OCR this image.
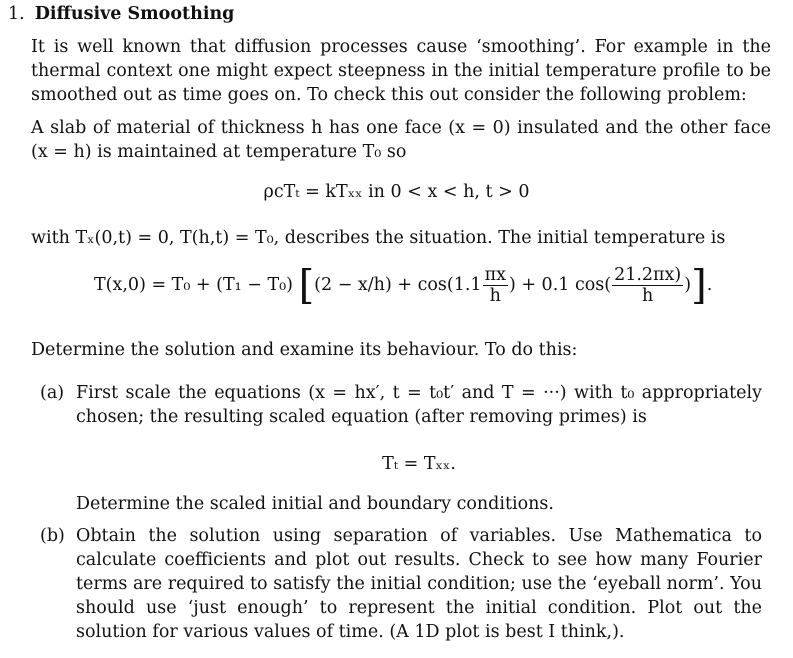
1. Diffusive Smoothing
It is well known that diffusion processes cause ‘smoothing’. For example in the thermal context one might expect steepness in the initial temperature profile to be smoothed out as time goes on. To check this out consider the following problem:
A slab of material of thickness h has one face (x = 0) insulated and the other face (x = h) is maintained at temperature T₀ so
ρcTₜ = kTₓₓ in 0 < x < h, t > 0
with Tₓ(0,t) = 0, T(h,t) = T₀, describes the situation. The initial temperature is
T(x,0) = T₀ + (T₁ − T₀) [$(2 - x/h) + \cos(1.1 \frac{\pi x}{h}$ ) + 0.1 $\cos( \frac{21.2\pi x)}{h}$ )].
Determine the solution and examine its behaviour. To do this:
(a) First scale the equations (x = hx′, t = t₀t′ and T = ···) with t₀ appropriately chosen; the resulting scaled equation (after removing primes) is
Tₜ = Tₓₓ.
Determine the scaled initial and boundary conditions.
(b) Obtain the solution using separation of variables. Use Mathematica to calculate coefficients and plot out results. Check to see how many Fourier terms are required to satisfy the initial condition; use the ‘eyeball norm’. You should use ‘just enough’ to represent the initial condition. Plot out the solution for various values of time. (A 1D plot is best I think,).
